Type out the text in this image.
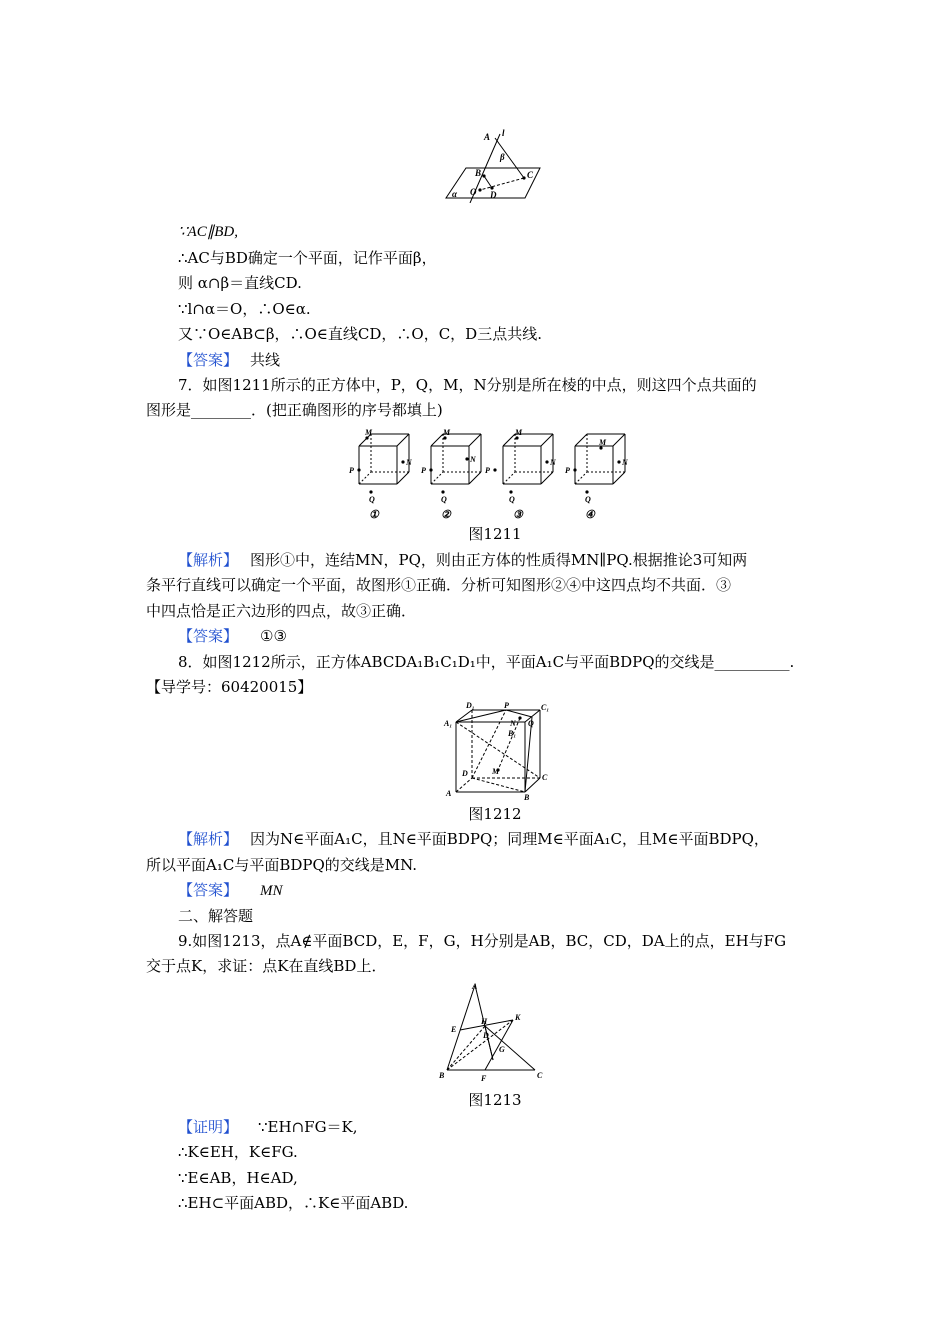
A l
β
B	C
O D
α
∵AC∥BD,
∴AC与BD确定一个平面，记作平面β，
则 α∩β＝直线CD.
∵l∩α＝O，∴O∈α.
又∵O∈AB⊂β，∴O∈直线CD，∴O，C，D三点共线.
【答案】 共线
7．如图1211所示的正方体中，P，Q，M，N分别是所在棱的中点，则这四个点共面的
图形是________．(把正确图形的序号都填上)
M
N
P
Q
①
M
N
P
Q
②
M
N
P
Q
③
M
N
P
Q
④
图1211
【解析】 图形①中，连结MN，PQ，则由正方体的性质得MN∥PQ.根据推论3可知两
条平行直线可以确定一个平面，故图形①正确．分析可知图形②④中这四点均不共面．③
中四点恰是正六边形的四点，故③正确．
【答案】 ①③
8．如图1212所示，正方体ABCDA₁B₁C₁D₁中，平面A₁C与平面BDPQ的交线是__________.
【导学号：60420015】
D₁	P	C₁
A₁	N Q
B₁
D	M
C
A	B
图1212
【解析】 因为N∈平面A₁C，且N∈平面BDPQ；同理M∈平面A₁C，且M∈平面BDPQ，
所以平面A₁C与平面BDPQ的交线是MN.
【答案】 MN
二、解答题
9.如图1213，点A∉平面BCD，E，F，G，H分别是AB，BC，CD，DA上的点，EH与FG
交于点K，求证：点K在直线BD上．
A
E
H	K
D
G
B	F	C
图1213
【证明】 ∵EH∩FG＝K,
∴K∈EH，K∈FG.
∵E∈AB，H∈AD,
∴EH⊂平面ABD，∴K∈平面ABD.
